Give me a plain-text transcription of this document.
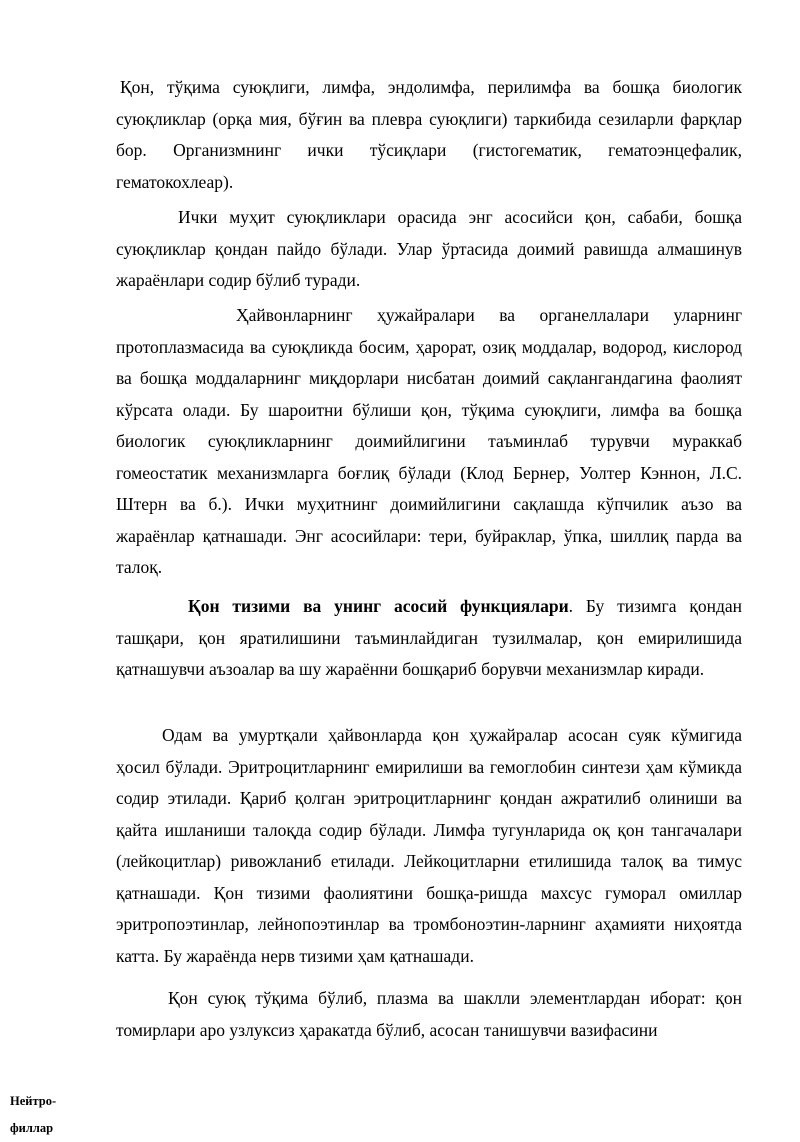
Қон, тўқима суюқлиги, лимфа, эндолимфа, перилимфа ва бошқа биологик суюқликлар (орқа мия, бўғин ва плевра суюқлиги) таркибида сезиларли фарқлар бор. Организмнинг ички тўсиқлари (гистогематик, гематоэнцефалик, гематокохлеар).

Ички муҳит суюқликлари орасида энг асосийси қон, сабаби, бошқа суюқликлар қондан пайдо бўлади. Улар ўртасида доимий равишда алмашинув жараёнлари содир бўлиб туради.

Ҳайвонларнинг ҳужайралари ва органеллалари уларнинг протоплазмасида ва суюқликда босим, ҳарорат, озиқ моддалар, водород, кислород ва бошқа моддаларнинг миқдорлари нисбатан доимий сақлангандагина фаолият кўрсата олади. Бу шароитни бўлиши қон, тўқима суюқлиги, лимфа ва бошқа биологик суюқликларнинг доимийлигини таъминлаб турувчи мураккаб гомеостатик механизмларга боғлиқ бўлади (Клод Бернер, Уолтер Кэннон, Л.С. Штерн ва б.). Ички муҳитнинг доимийлигини сақлашда кўпчилик аъзо ва жараёнлар қатнашади. Энг асосийлари: тери, буйраклар, ўпка, шиллиқ парда ва талоқ.

Қон тизими ва унинг асосий функциялари. Бу тизимга қондан ташқари, қон яратилишини таъминлайдиган тузилмалар, қон емирилишида қатнашувчи аъзоалар ва шу жараённи бошқариб борувчи механизмлар киради.

Одам ва умуртқали ҳайвонларда қон ҳужайралар асосан суяк кўмигида ҳосил бўлади. Эритроцитларнинг емирилиши ва гемоглобин синтези ҳам кўмикда содир этилади. Қариб қолган эритроцитларнинг қондан ажратилиб олиниши ва қайта ишланиши талоқда содир бўлади. Лимфа тугунларида оқ қон тангачалари (лейкоцитлар) ривожланиб етилади. Лейкоцитларни етилишида талоқ ва тимус қатнашади. Қон тизими фаолиятини бошқа-ришда махсус гуморал омиллар эритропоэтинлар, лейнопоэтинлар ва тромбоноэтин-ларнинг аҳамияти ниҳоятда катта. Бу жараёнда нерв тизими ҳам қатнашади.

Қон суюқ тўқима бўлиб, плазма ва шаклли элементлардан иборат: қон томирлари аро узлуксиз ҳаракатда бўлиб, асосан танишувчи вазифасини

Нейтро-филлар
